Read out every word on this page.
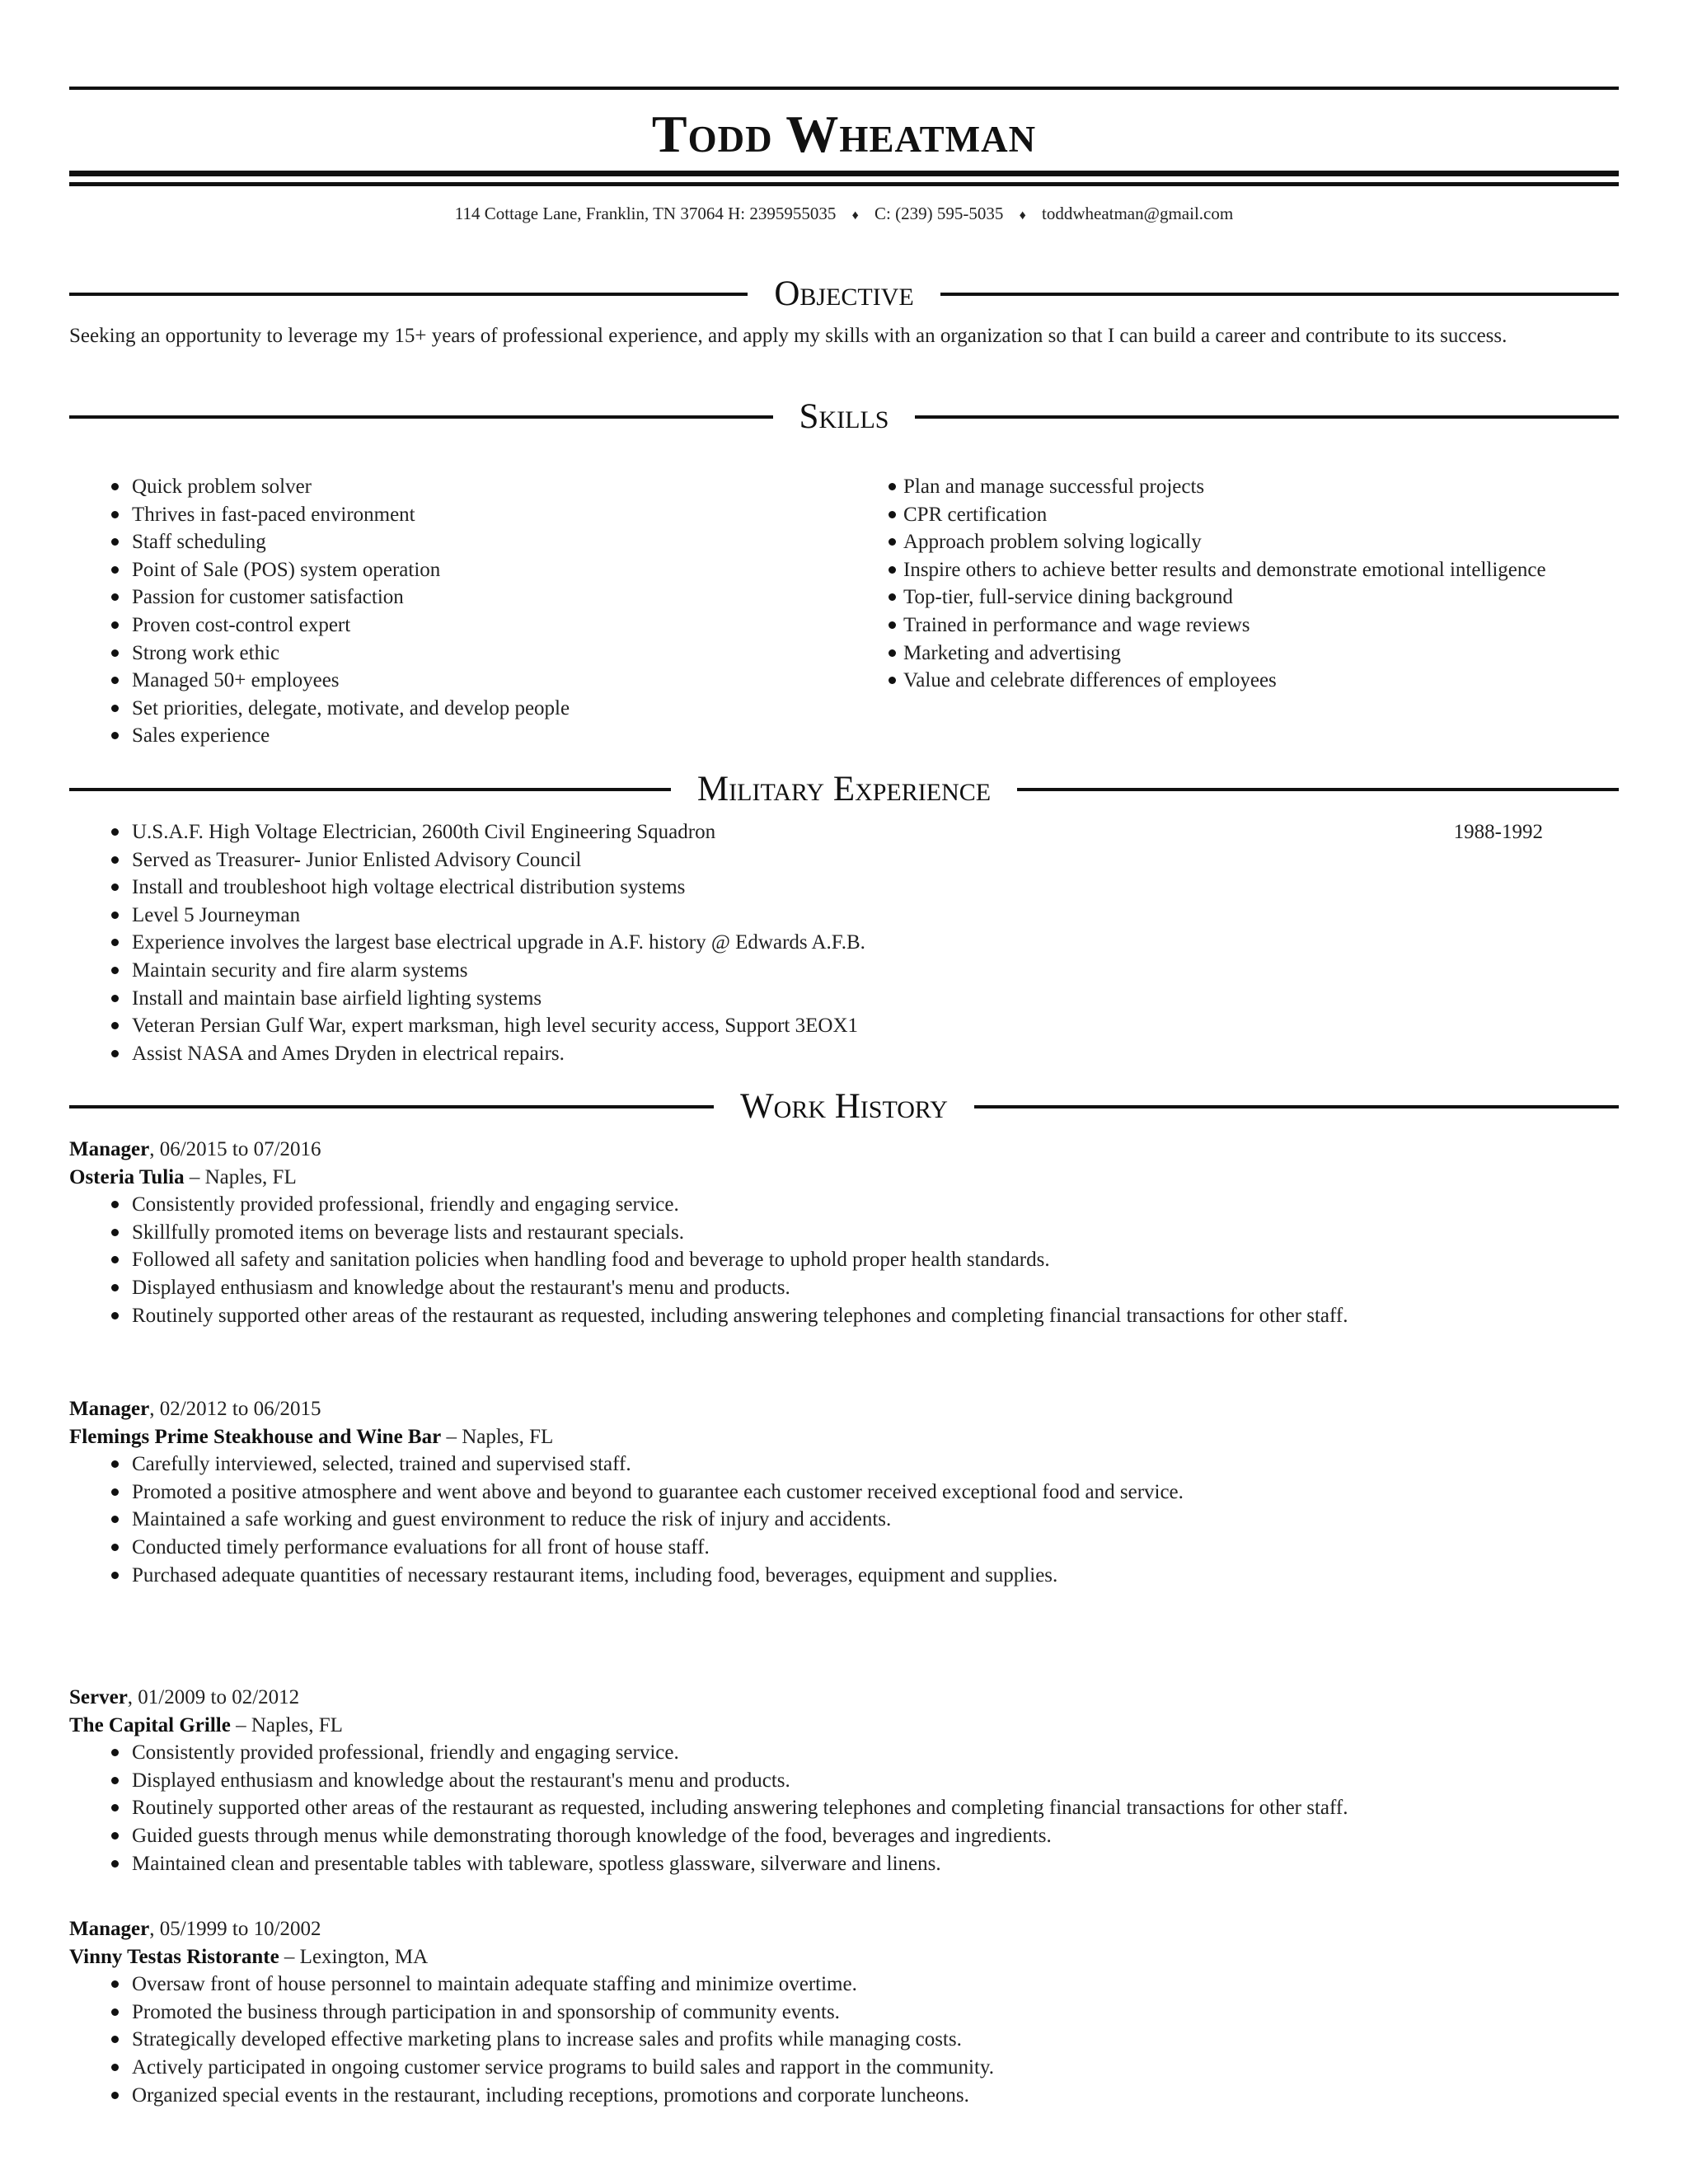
Todd Wheatman
114 Cottage Lane, Franklin, TN 37064 H: 2395955035 ♦ C: (239) 595-5035 ♦ toddwheatman@gmail.com
Objective
Seeking an opportunity to leverage my 15+ years of professional experience, and apply my skills with an organization so that I can build a career and contribute to its success.
Skills
Quick problem solver
Thrives in fast-paced environment
Staff scheduling
Point of Sale (POS) system operation
Passion for customer satisfaction
Proven cost-control expert
Strong work ethic
Managed 50+ employees
Set priorities, delegate, motivate, and develop people
Sales experience
Plan and manage successful projects
CPR certification
Approach problem solving logically
Inspire others to achieve better results and demonstrate emotional intelligence
Top-tier, full-service dining background
Trained in performance and wage reviews
Marketing and advertising
Value and celebrate differences of employees
Military Experience
1988-1992
U.S.A.F. High Voltage Electrician, 2600th Civil Engineering Squadron
Served as Treasurer- Junior Enlisted Advisory Council
Install and troubleshoot high voltage electrical distribution systems
Level 5 Journeyman
Experience involves the largest base electrical upgrade in A.F. history @ Edwards A.F.B.
Maintain security and fire alarm systems
Install and maintain base airfield lighting systems
Veteran Persian Gulf War, expert marksman, high level security access, Support 3EOX1
Assist NASA and Ames Dryden in electrical repairs.
Work History
Manager, 06/2015 to 07/2016
Osteria Tulia – Naples, FL
Consistently provided professional, friendly and engaging service.
Skillfully promoted items on beverage lists and restaurant specials.
Followed all safety and sanitation policies when handling food and beverage to uphold proper health standards.
Displayed enthusiasm and knowledge about the restaurant's menu and products.
Routinely supported other areas of the restaurant as requested, including answering telephones and completing financial transactions for other staff.
Manager, 02/2012 to 06/2015
Flemings Prime Steakhouse and Wine Bar – Naples, FL
Carefully interviewed, selected, trained and supervised staff.
Promoted a positive atmosphere and went above and beyond to guarantee each customer received exceptional food and service.
Maintained a safe working and guest environment to reduce the risk of injury and accidents.
Conducted timely performance evaluations for all front of house staff.
Purchased adequate quantities of necessary restaurant items, including food, beverages, equipment and supplies.
Server, 01/2009 to 02/2012
The Capital Grille – Naples, FL
Consistently provided professional, friendly and engaging service.
Displayed enthusiasm and knowledge about the restaurant's menu and products.
Routinely supported other areas of the restaurant as requested, including answering telephones and completing financial transactions for other staff.
Guided guests through menus while demonstrating thorough knowledge of the food, beverages and ingredients.
Maintained clean and presentable tables with tableware, spotless glassware, silverware and linens.
Manager, 05/1999 to 10/2002
Vinny Testas Ristorante – Lexington, MA
Oversaw front of house personnel to maintain adequate staffing and minimize overtime.
Promoted the business through participation in and sponsorship of community events.
Strategically developed effective marketing plans to increase sales and profits while managing costs.
Actively participated in ongoing customer service programs to build sales and rapport in the community.
Organized special events in the restaurant, including receptions, promotions and corporate luncheons.
